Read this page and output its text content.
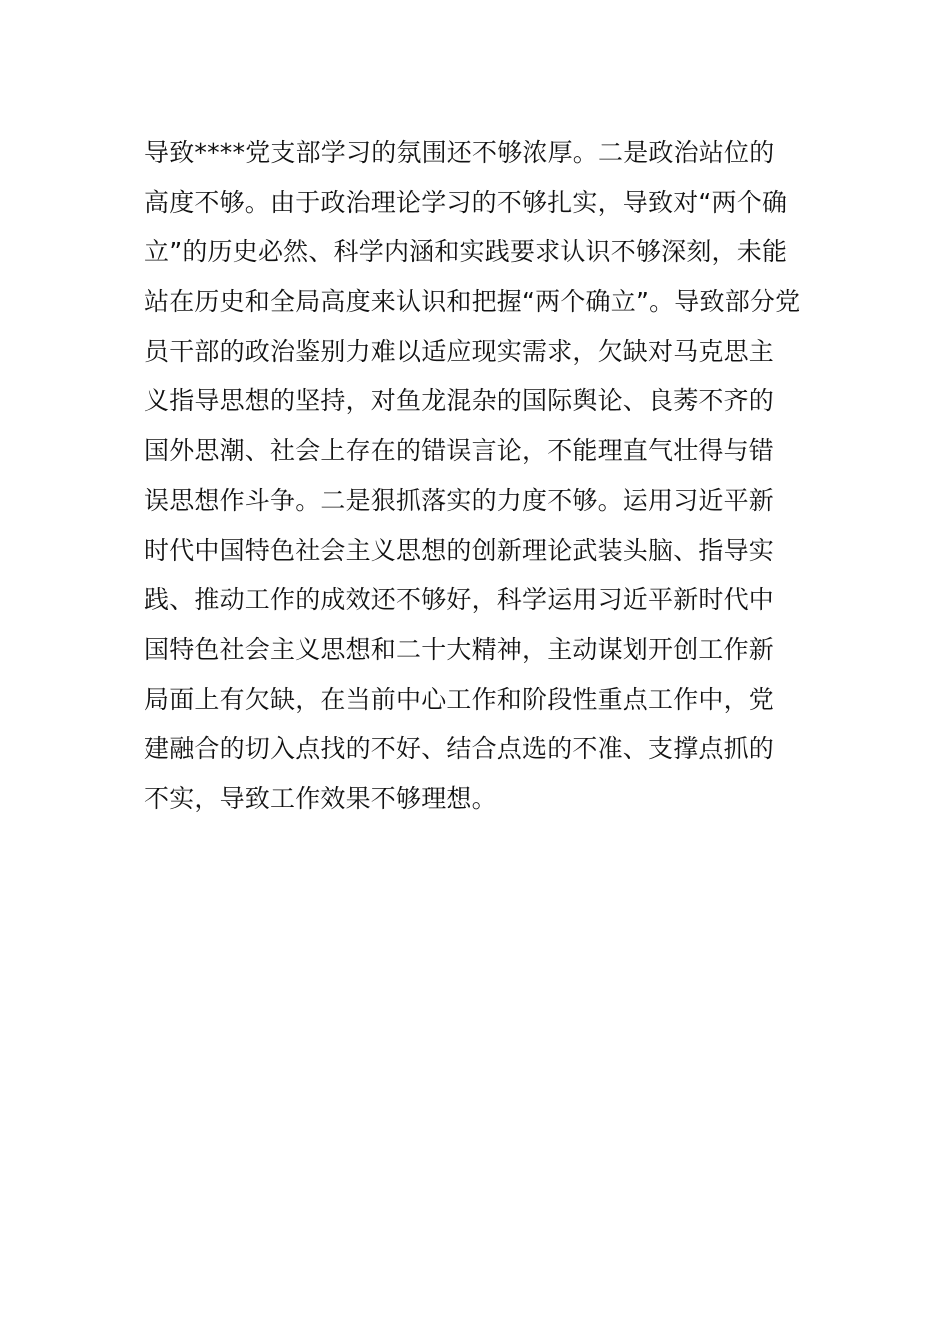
导致****党支部学习的氛围还不够浓厚。二是政治站位的
高度不够。由于政治理论学习的不够扎实，导致对“两个确
立”的历史必然、科学内涵和实践要求认识不够深刻，未能
站在历史和全局高度来认识和把握“两个确立”。导致部分党
员干部的政治鉴别力难以适应现实需求，欠缺对马克思主
义指导思想的坚持，对鱼龙混杂的国际舆论、良莠不齐的
国外思潮、社会上存在的错误言论，不能理直气壮得与错
误思想作斗争。二是狠抓落实的力度不够。运用习近平新
时代中国特色社会主义思想的创新理论武装头脑、指导实
践、推动工作的成效还不够好，科学运用习近平新时代中
国特色社会主义思想和二十大精神，主动谋划开创工作新
局面上有欠缺，在当前中心工作和阶段性重点工作中，党
建融合的切入点找的不好、结合点选的不准、支撑点抓的
不实，导致工作效果不够理想。
